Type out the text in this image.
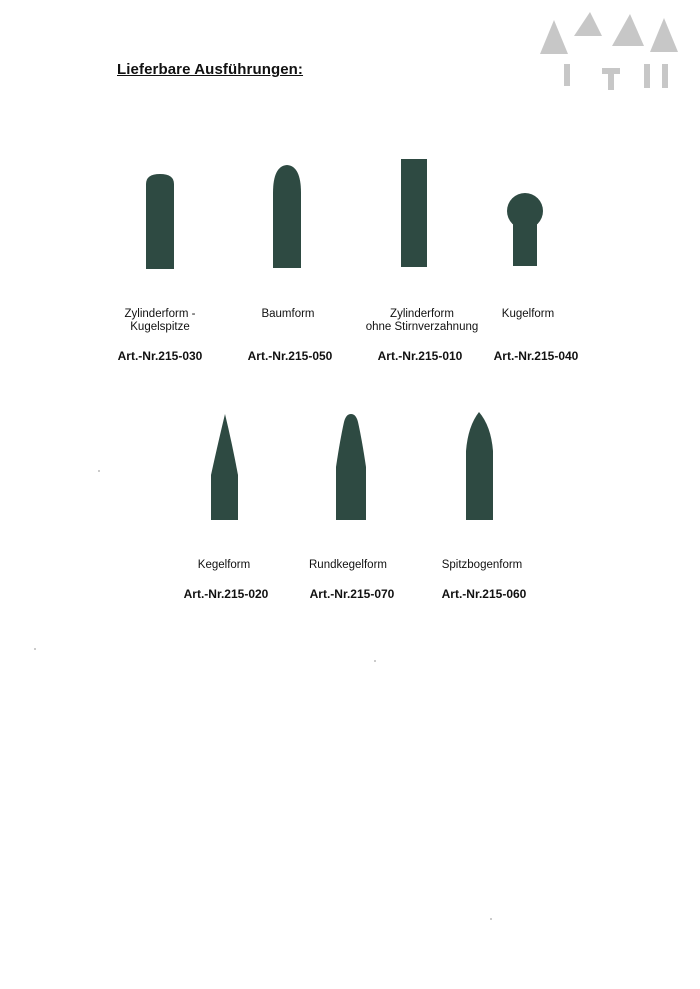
Lieferbare Ausführungen:
Zylinderform -
Kugelspitze
Art.-Nr.215-030
Baumform
Art.-Nr.215-050
Zylinderform
ohne Stirnverzahnung
Art.-Nr.215-010
Kugelform
Art.-Nr.215-040
Kegelform
Art.-Nr.215-020
Rundkegelform
Art.-Nr.215-070
Spitzbogenform
Art.-Nr.215-060
